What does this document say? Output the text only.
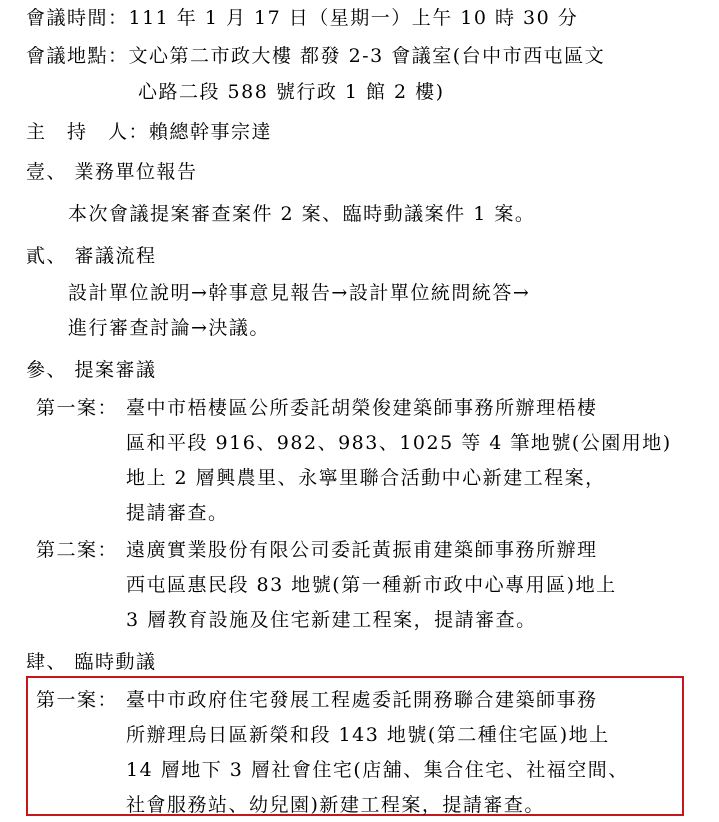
會議時間：111 年 1 月 17 日（星期一）上午 10 時 30 分
會議地點：文心第二市政大樓 都發 2-3 會議室(台中市西屯區文
心路二段 588 號行政 1 館 2 樓)
主　持　人：賴總幹事宗達
壹、 業務單位報告
本次會議提案審查案件 2 案、臨時動議案件 1 案。
貳、 審議流程
設計單位說明→幹事意見報告→設計單位統問統答→
進行審查討論→決議。
參、 提案審議
第一案： 臺中市梧棲區公所委託胡榮俊建築師事務所辦理梧棲
區和平段 916、982、983、1025 等 4 筆地號(公園用地)
地上 2 層興農里、永寧里聯合活動中心新建工程案，
提請審查。
第二案： 遠廣實業股份有限公司委託黃振甫建築師事務所辦理
西屯區惠民段 83 地號(第一種新市政中心專用區)地上
3 層教育設施及住宅新建工程案，提請審查。
肆、 臨時動議
第一案： 臺中市政府住宅發展工程處委託開務聯合建築師事務
所辦理烏日區新榮和段 143 地號(第二種住宅區)地上
14 層地下 3 層社會住宅(店舖、集合住宅、社福空間、
社會服務站、幼兒園)新建工程案，提請審查。
